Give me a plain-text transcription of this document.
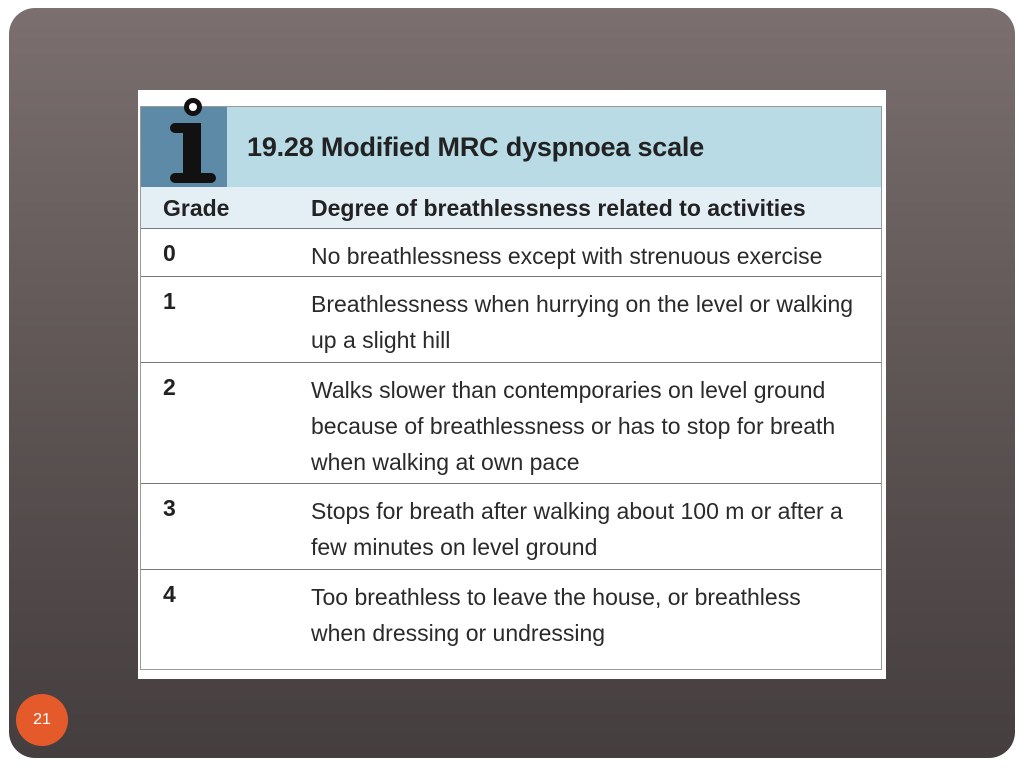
19.28 Modified MRC dyspnoea scale
Grade	Degree of breathlessness related to activities
0	No breathlessness except with strenuous exercise
1	Breathlessness when hurrying on the level or walking
up a slight hill
2	Walks slower than contemporaries on level ground
because of breathlessness or has to stop for breath
when walking at own pace
3	Stops for breath after walking about 100 m or after a
few minutes on level ground
4	Too breathless to leave the house, or breathless
when dressing or undressing
21
